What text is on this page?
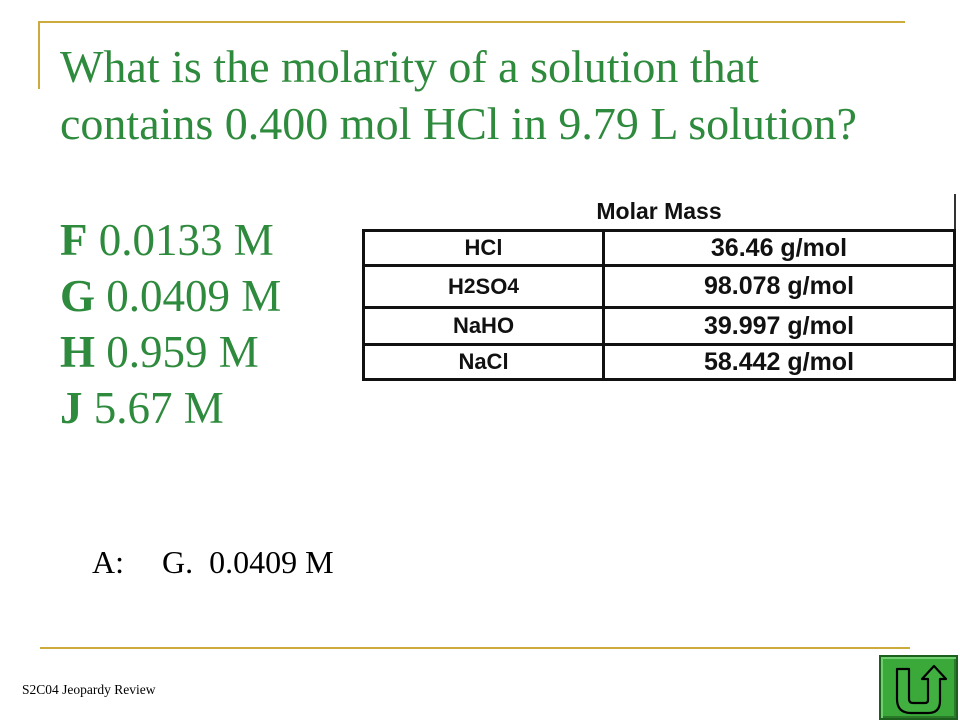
What is the molarity of a solution that
contains 0.400 mol HCl in 9.79 L solution?
F 0.0133 M
G 0.0409 M
H 0.959 M
J 5.67 M
Molar Mass
HCl	36.46 g/mol
H 2 SO 4	98.078 g/mol
NaHO	39.997 g/mol
NaCl	58.442 g/mol
A: G.  0.0409 M
S2C04 Jeopardy Review
